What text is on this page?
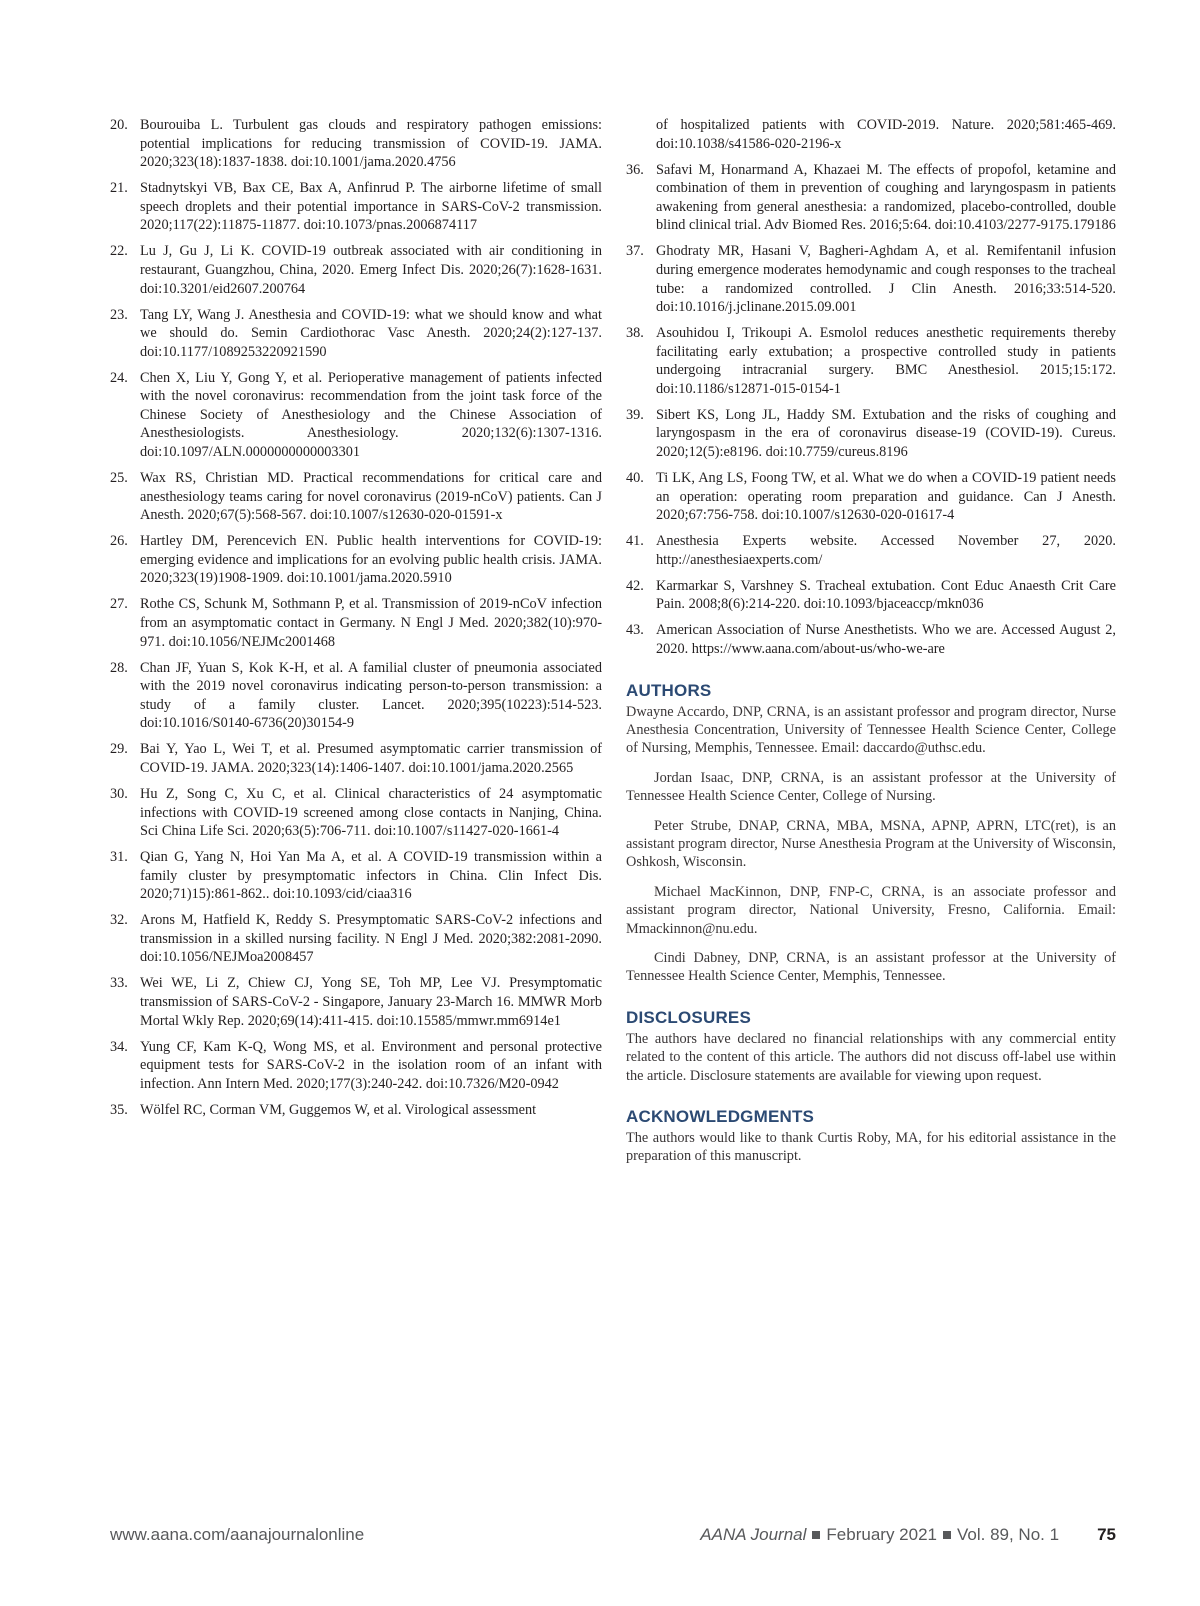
20. Bourouiba L. Turbulent gas clouds and respiratory pathogen emissions: potential implications for reducing transmission of COVID-19. JAMA. 2020;323(18):1837-1838. doi:10.1001/jama.2020.4756
21. Stadnytskyi VB, Bax CE, Bax A, Anfinrud P. The airborne lifetime of small speech droplets and their potential importance in SARS-CoV-2 transmission. 2020;117(22):11875-11877. doi:10.1073/pnas.2006874117
22. Lu J, Gu J, Li K. COVID-19 outbreak associated with air conditioning in restaurant, Guangzhou, China, 2020. Emerg Infect Dis. 2020;26(7):1628-1631. doi:10.3201/eid2607.200764
23. Tang LY, Wang J. Anesthesia and COVID-19: what we should know and what we should do. Semin Cardiothorac Vasc Anesth. 2020;24(2):127-137. doi:10.1177/1089253220921590
24. Chen X, Liu Y, Gong Y, et al. Perioperative management of patients infected with the novel coronavirus: recommendation from the joint task force of the Chinese Society of Anesthesiology and the Chinese Association of Anesthesiologists. Anesthesiology. 2020;132(6):1307-1316. doi:10.1097/ALN.0000000000003301
25. Wax RS, Christian MD. Practical recommendations for critical care and anesthesiology teams caring for novel coronavirus (2019-nCoV) patients. Can J Anesth. 2020;67(5):568-567. doi:10.1007/s12630-020-01591-x
26. Hartley DM, Perencevich EN. Public health interventions for COVID-19: emerging evidence and implications for an evolving public health crisis. JAMA. 2020;323(19)1908-1909. doi:10.1001/jama.2020.5910
27. Rothe CS, Schunk M, Sothmann P, et al. Transmission of 2019-nCoV infection from an asymptomatic contact in Germany. N Engl J Med. 2020;382(10):970-971. doi:10.1056/NEJMc2001468
28. Chan JF, Yuan S, Kok K-H, et al. A familial cluster of pneumonia associated with the 2019 novel coronavirus indicating person-to-person transmission: a study of a family cluster. Lancet. 2020;395(10223):514-523. doi:10.1016/S0140-6736(20)30154-9
29. Bai Y, Yao L, Wei T, et al. Presumed asymptomatic carrier transmission of COVID-19. JAMA. 2020;323(14):1406-1407. doi:10.1001/jama.2020.2565
30. Hu Z, Song C, Xu C, et al. Clinical characteristics of 24 asymptomatic infections with COVID-19 screened among close contacts in Nanjing, China. Sci China Life Sci. 2020;63(5):706-711. doi:10.1007/s11427-020-1661-4
31. Qian G, Yang N, Hoi Yan Ma A, et al. A COVID-19 transmission within a family cluster by presymptomatic infectors in China. Clin Infect Dis. 2020;71)15):861-862.. doi:10.1093/cid/ciaa316
32. Arons M, Hatfield K, Reddy S. Presymptomatic SARS-CoV-2 infections and transmission in a skilled nursing facility. N Engl J Med. 2020;382:2081-2090. doi:10.1056/NEJMoa2008457
33. Wei WE, Li Z, Chiew CJ, Yong SE, Toh MP, Lee VJ. Presymptomatic transmission of SARS-CoV-2 - Singapore, January 23-March 16. MMWR Morb Mortal Wkly Rep. 2020;69(14):411-415. doi:10.15585/mmwr.mm6914e1
34. Yung CF, Kam K-Q, Wong MS, et al. Environment and personal protective equipment tests for SARS-CoV-2 in the isolation room of an infant with infection. Ann Intern Med. 2020;177(3):240-242. doi:10.7326/M20-0942
35. Wölfel RC, Corman VM, Guggemos W, et al. Virological assessment
of hospitalized patients with COVID-2019. Nature. 2020;581:465-469. doi:10.1038/s41586-020-2196-x
36. Safavi M, Honarmand A, Khazaei M. The effects of propofol, ketamine and combination of them in prevention of coughing and laryngospasm in patients awakening from general anesthesia: a randomized, placebo-controlled, double blind clinical trial. Adv Biomed Res. 2016;5:64. doi:10.4103/2277-9175.179186
37. Ghodraty MR, Hasani V, Bagheri-Aghdam A, et al. Remifentanil infusion during emergence moderates hemodynamic and cough responses to the tracheal tube: a randomized controlled. J Clin Anesth. 2016;33:514-520. doi:10.1016/j.jclinane.2015.09.001
38. Asouhidou I, Trikoupi A. Esmolol reduces anesthetic requirements thereby facilitating early extubation; a prospective controlled study in patients undergoing intracranial surgery. BMC Anesthesiol. 2015;15:172. doi:10.1186/s12871-015-0154-1
39. Sibert KS, Long JL, Haddy SM. Extubation and the risks of coughing and laryngospasm in the era of coronavirus disease-19 (COVID-19). Cureus. 2020;12(5):e8196. doi:10.7759/cureus.8196
40. Ti LK, Ang LS, Foong TW, et al. What we do when a COVID-19 patient needs an operation: operating room preparation and guidance. Can J Anesth. 2020;67:756-758. doi:10.1007/s12630-020-01617-4
41. Anesthesia Experts website. Accessed November 27, 2020. http://anesthesiaexperts.com/
42. Karmarkar S, Varshney S. Tracheal extubation. Cont Educ Anaesth Crit Care Pain. 2008;8(6):214-220. doi:10.1093/bjaceaccp/mkn036
43. American Association of Nurse Anesthetists. Who we are. Accessed August 2, 2020. https://www.aana.com/about-us/who-we-are
AUTHORS

Dwayne Accardo, DNP, CRNA, is an assistant professor and program director, Nurse Anesthesia Concentration, University of Tennessee Health Science Center, College of Nursing, Memphis, Tennessee. Email: daccardo@uthsc.edu.

Jordan Isaac, DNP, CRNA, is an assistant professor at the University of Tennessee Health Science Center, College of Nursing.

Peter Strube, DNAP, CRNA, MBA, MSNA, APNP, APRN, LTC(ret), is an assistant program director, Nurse Anesthesia Program at the University of Wisconsin, Oshkosh, Wisconsin.

Michael MacKinnon, DNP, FNP-C, CRNA, is an associate professor and assistant program director, National University, Fresno, California. Email: Mmackinnon@nu.edu.

Cindi Dabney, DNP, CRNA, is an assistant professor at the University of Tennessee Health Science Center, Memphis, Tennessee.

DISCLOSURES

The authors have declared no financial relationships with any commercial entity related to the content of this article. The authors did not discuss off-label use within the article. Disclosure statements are available for viewing upon request.

ACKNOWLEDGMENTS

The authors would like to thank Curtis Roby, MA, for his editorial assistance in the preparation of this manuscript.

www.aana.com/aanajournalonline	AANA Journal February 2021 Vol. 89, No. 1 75
